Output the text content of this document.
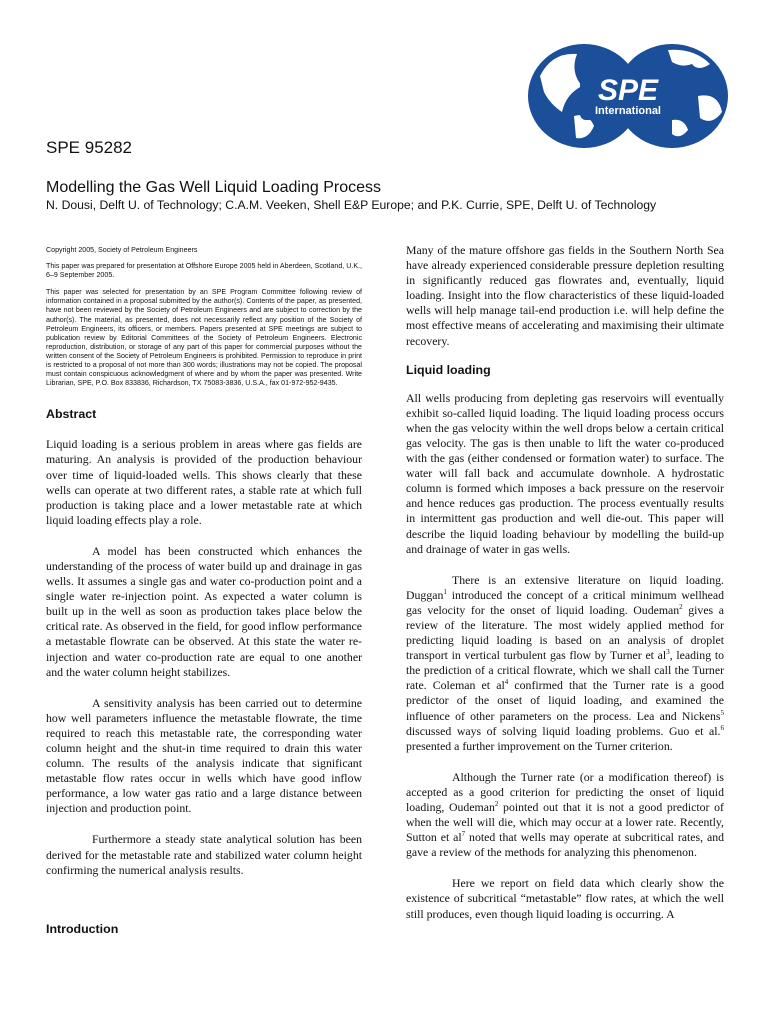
SPE
International
SPE 95282
Modelling the Gas Well Liquid Loading Process
N. Dousi, Delft U. of Technology; C.A.M. Veeken, Shell E&P Europe; and P.K. Currie, SPE, Delft U. of Technology

Copyright 2005, Society of Petroleum Engineers

This paper was prepared for presentation at Offshore Europe 2005 held in Aberdeen, Scotland, U.K., 6–9 September 2005.

This paper was selected for presentation by an SPE Program Committee following review of information contained in a proposal submitted by the author(s). Contents of the paper, as presented, have not been reviewed by the Society of Petroleum Engineers and are subject to correction by the author(s). The material, as presented, does not necessarily reflect any position of the Society of Petroleum Engineers, its officers, or members. Papers presented at SPE meetings are subject to publication review by Editorial Committees of the Society of Petroleum Engineers. Electronic reproduction, distribution, or storage of any part of this paper for commercial purposes without the written consent of the Society of Petroleum Engineers is prohibited. Permission to reproduce in print is restricted to a proposal of not more than 300 words; illustrations may not be copied. The proposal must contain conspicuous acknowledgment of where and by whom the paper was presented. Write Librarian, SPE, P.O. Box 833836, Richardson, TX 75083-3836, U.S.A., fax 01-972-952-9435.

Abstract

Liquid loading is a serious problem in areas where gas fields are maturing. An analysis is provided of the production behaviour over time of liquid-loaded wells. This shows clearly that these wells can operate at two different rates, a stable rate at which full production is taking place and a lower metastable rate at which liquid loading effects play a role.

A model has been constructed which enhances the understanding of the process of water build up and drainage in gas wells. It assumes a single gas and water co-production point and a single water re-injection point. As expected a water column is built up in the well as soon as production takes place below the critical rate. As observed in the field, for good inflow performance a metastable flowrate can be observed. At this state the water re-injection and water co-production rate are equal to one another and the water column height stabilizes.

A sensitivity analysis has been carried out to determine how well parameters influence the metastable flowrate, the time required to reach this metastable rate, the corresponding water column height and the shut-in time required to drain this water column. The results of the analysis indicate that significant metastable flow rates occur in wells which have good inflow performance, a low water gas ratio and a large distance between injection and production point.

Furthermore a steady state analytical solution has been derived for the metastable rate and stabilized water column height confirming the numerical analysis results.

Introduction

Many of the mature offshore gas fields in the Southern North Sea have already experienced considerable pressure depletion resulting in significantly reduced gas flowrates and, eventually, liquid loading. Insight into the flow characteristics of these liquid-loaded wells will help manage tail-end production i.e. will help define the most effective means of accelerating and maximising their ultimate recovery.

Liquid loading

All wells producing from depleting gas reservoirs will eventually exhibit so-called liquid loading. The liquid loading process occurs when the gas velocity within the well drops below a certain critical gas velocity. The gas is then unable to lift the water co-produced with the gas (either condensed or formation water) to surface. The water will fall back and accumulate downhole. A hydrostatic column is formed which imposes a back pressure on the reservoir and hence reduces gas production. The process eventually results in intermittent gas production and well die-out. This paper will describe the liquid loading behaviour by modelling the build-up and drainage of water in gas wells.

There is an extensive literature on liquid loading. Duggan$^1$ introduced the concept of a critical minimum wellhead gas velocity for the onset of liquid loading. Oudeman$^2$ gives a review of the literature. The most widely applied method for predicting liquid loading is based on an analysis of droplet transport in vertical turbulent gas flow by Turner et $al^3$, leading to the prediction of a critical flowrate, which we shall call the Turner rate. Coleman et $al^4$ confirmed that the Turner rate is a good predictor of the onset of liquid loading, and examined the influence of other parameters on the process. Lea and Nickens$^5$ discussed ways of solving liquid loading problems. Guo et al.$^6$ presented a further improvement on the Turner criterion.

Although the Turner rate (or a modification thereof) is accepted as a good criterion for predicting the onset of liquid loading, Oudeman$^2$ pointed out that it is not a good predictor of when the well will die, which may occur at a lower rate. Recently, Sutton et $al^7$ noted that wells may operate at subcritical rates, and gave a review of the methods for analyzing this phenomenon.

Here we report on field data which clearly show the existence of subcritical “metastable” flow rates, at which the well still produces, even though liquid loading is occurring. A
